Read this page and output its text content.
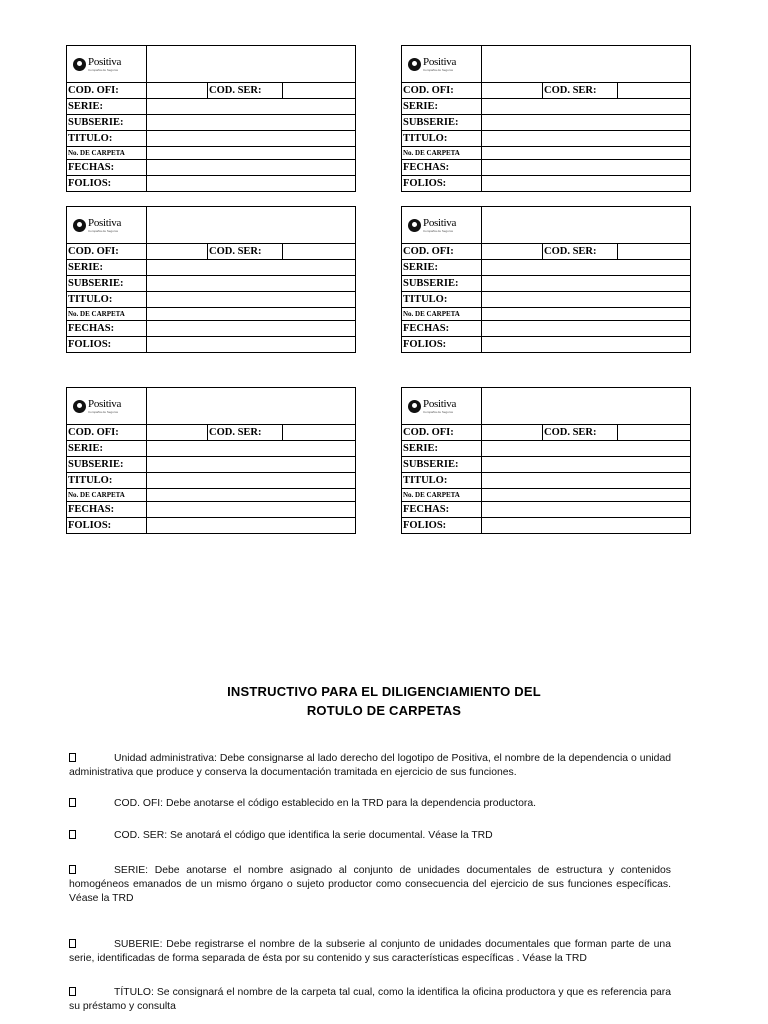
Positiva
Compañía de Seguros
COD. OFI:	COD. SER:
SERIE:
SUBSERIE:
TITULO:
No. DE CARPETA
FECHAS:
FOLIOS:
Positiva
Compañía de Seguros
COD. OFI:	COD. SER:
SERIE:
SUBSERIE:
TITULO:
No. DE CARPETA
FECHAS:
FOLIOS:
Positiva
Compañía de Seguros
COD. OFI:	COD. SER:
SERIE:
SUBSERIE:
TITULO:
No. DE CARPETA
FECHAS:
FOLIOS:
Positiva
Compañía de Seguros
COD. OFI:	COD. SER:
SERIE:
SUBSERIE:
TITULO:
No. DE CARPETA
FECHAS:
FOLIOS:
Positiva
Compañía de Seguros
COD. OFI:	COD. SER:
SERIE:
SUBSERIE:
TITULO:
No. DE CARPETA
FECHAS:
FOLIOS:
Positiva
Compañía de Seguros
COD. OFI:	COD. SER:
SERIE:
SUBSERIE:
TITULO:
No. DE CARPETA
FECHAS:
FOLIOS:
INSTRUCTIVO PARA EL DILIGENCIAMIENTO DEL
ROTULO DE CARPETAS
Unidad administrativa: Debe consignarse al lado derecho del logotipo de Positiva, el nombre de la dependencia o unidad administrativa que produce y conserva la documentación tramitada en ejercicio de sus funciones.
COD. OFI: Debe anotarse el código establecido en la TRD para la dependencia productora.
COD. SER: Se anotará el código que identifica la serie documental. Véase la TRD
SERIE: Debe anotarse el nombre asignado al conjunto de unidades documentales de estructura y contenidos homogéneos emanados de un mismo órgano o sujeto productor como consecuencia del ejercicio de sus funciones específicas. Véase la TRD
SUBERIE: Debe registrarse el nombre de la subserie al conjunto de unidades documentales que forman parte de una serie, identificadas de forma separada de ésta por su contenido y sus características específicas . Véase la TRD
TÍTULO: Se consignará el nombre de la carpeta tal cual, como la identifica la oficina productora y que es referencia para su préstamo y consulta
